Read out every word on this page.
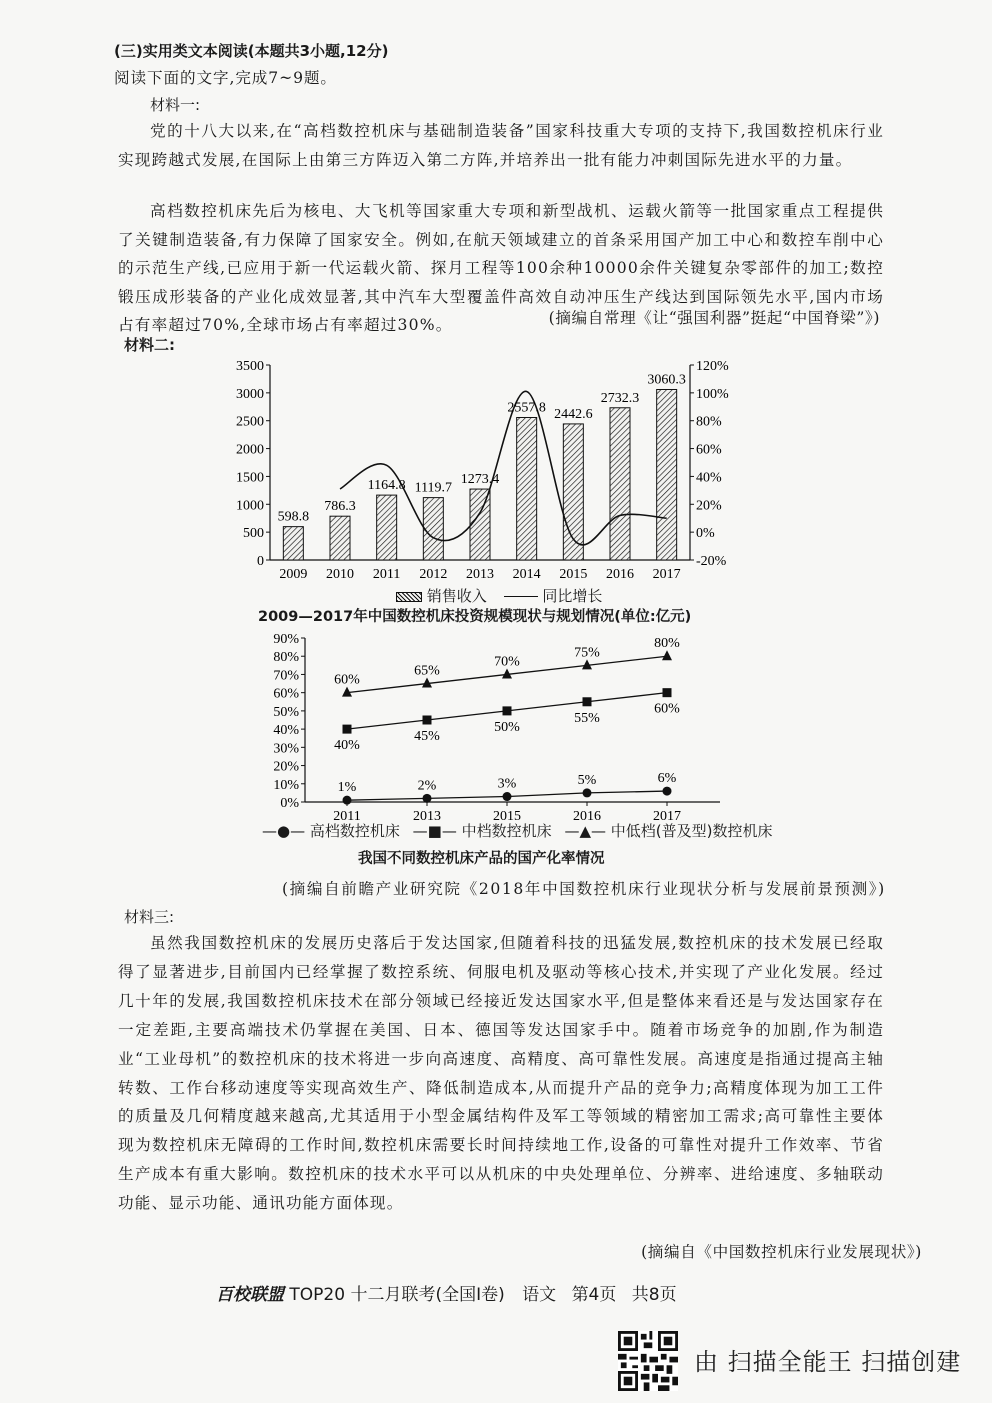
(三)实用类文本阅读(本题共3小题,12分)
阅读下面的文字,完成7~9题。
材料一:
党的十八大以来,在“高档数控机床与基础制造装备”国家科技重大专项的支持下,我国数控机床行业实现跨越式发展,在国际上由第三方阵迈入第二方阵,并培养出一批有能力冲刺国际先进水平的力量。
高档数控机床先后为核电、大飞机等国家重大专项和新型战机、运载火箭等一批国家重点工程提供了关键制造装备,有力保障了国家安全。例如,在航天领域建立的首条采用国产加工中心和数控车削中心的示范生产线,已应用于新一代运载火箭、探月工程等100余种10000余件关键复杂零部件的加工;数控锻压成形装备的产业化成效显著,其中汽车大型覆盖件高效自动冲压生产线达到国际领先水平,国内市场占有率超过70%,全球市场占有率超过30%。	(摘编自常理《让“强国利器”挺起“中国脊梁”》)
材料二:
0
500
1000
1500
2000
2500
3000
3500
-20%
0%
20%
40%
60%
80%
100%
120%
598.8
2009
786.3
2010
1164.8
2011
1119.7
2012
1273.4
2013
2557.8
2014
2442.6
2015
2732.3
2016
3060.3
2017
销售收入	同比增长
2009—2017年中国数控机床投资规模现状与规划情况(单位:亿元)
0%
10%
20%
30%
40%
50%
60%
70%
80%
90%
2011	2013	2015	2016	2017
1%	2%	3%	5%	6%
40%
45%
50%
55%
60%
60%
65%
70%
75%
80%
—●— 高档数控机床 —■— 中档数控机床 —▲— 中低档(普及型)数控机床
我国不同数控机床产品的国产化率情况
(摘编自前瞻产业研究院《2018年中国数控机床行业现状分析与发展前景预测》)
材料三:
虽然我国数控机床的发展历史落后于发达国家,但随着科技的迅猛发展,数控机床的技术发展已经取得了显著进步,目前国内已经掌握了数控系统、伺服电机及驱动等核心技术,并实现了产业化发展。经过几十年的发展,我国数控机床技术在部分领域已经接近发达国家水平,但是整体来看还是与发达国家存在一定差距,主要高端技术仍掌握在美国、日本、德国等发达国家手中。随着市场竞争的加剧,作为制造业“工业母机”的数控机床的技术将进一步向高速度、高精度、高可靠性发展。高速度是指通过提高主轴转数、工作台移动速度等实现高效生产、降低制造成本,从而提升产品的竞争力;高精度体现为加工工件的质量及几何精度越来越高,尤其适用于小型金属结构件及军工等领域的精密加工需求;高可靠性主要体现为数控机床无障碍的工作时间,数控机床需要长时间持续地工作,设备的可靠性对提升工作效率、节省生产成本有重大影响。数控机床的技术水平可以从机床的中央处理单位、分辨率、进给速度、多轴联动功能、显示功能、通讯功能方面体现。
(摘编自《中国数控机床行业发展现状》)
百校联盟 TOP20 十二月联考(全国Ⅰ卷) 语文 第4页 共8页
由 扫描全能王 扫描创建
